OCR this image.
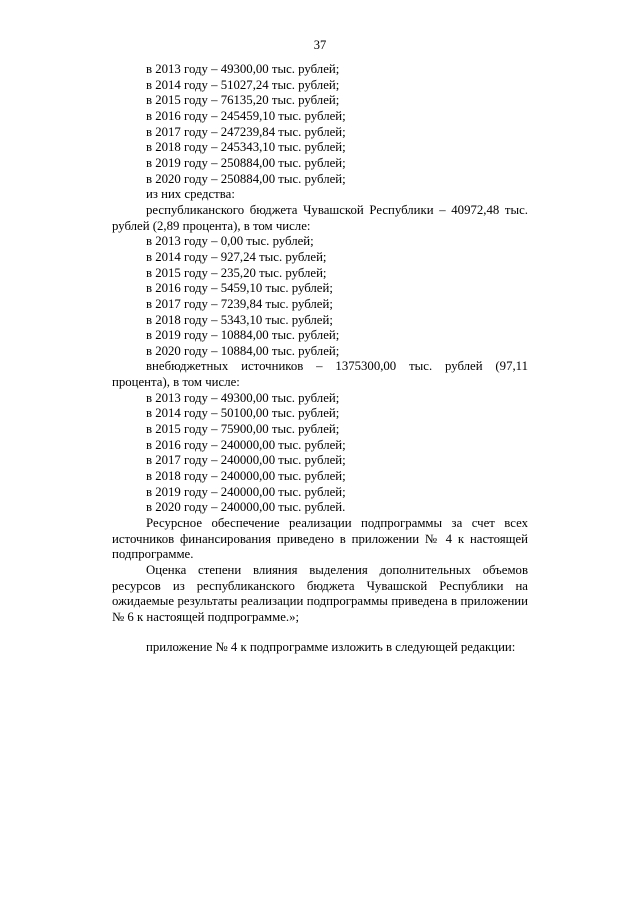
37

в 2013 году – 49300,00 тыс. рублей;

в 2014 году – 51027,24 тыс. рублей;

в 2015 году – 76135,20 тыс. рублей;

в 2016 году – 245459,10 тыс. рублей;

в 2017 году – 247239,84 тыс. рублей;

в 2018 году – 245343,10 тыс. рублей;

в 2019 году – 250884,00 тыс. рублей;

в 2020 году – 250884,00 тыс. рублей;

из них средства:

республиканского бюджета Чувашской Республики – 40972,48 тыс. рублей (2,89 процента), в том числе:

в 2013 году – 0,00 тыс. рублей;

в 2014 году – 927,24 тыс. рублей;

в 2015 году – 235,20 тыс. рублей;

в 2016 году – 5459,10 тыс. рублей;

в 2017 году – 7239,84 тыс. рублей;

в 2018 году – 5343,10 тыс. рублей;

в 2019 году – 10884,00 тыс. рублей;

в 2020 году – 10884,00 тыс. рублей;

внебюджетных источников – 1375300,00 тыс. рублей (97,11 процента), в том числе:

в 2013 году – 49300,00 тыс. рублей;

в 2014 году – 50100,00 тыс. рублей;

в 2015 году – 75900,00 тыс. рублей;

в 2016 году – 240000,00 тыс. рублей;

в 2017 году – 240000,00 тыс. рублей;

в 2018 году – 240000,00 тыс. рублей;

в 2019 году – 240000,00 тыс. рублей;

в 2020 году – 240000,00 тыс. рублей.

Ресурсное обеспечение реализации подпрограммы за счет всех источников финансирования приведено в приложении № 4 к настоящей подпрограмме.

Оценка степени влияния выделения дополнительных объемов ресурсов из республиканского бюджета Чувашской Республики на ожидаемые результаты реализации подпрограммы приведена в приложении № 6 к настоящей подпрограмме.»;

приложение № 4 к подпрограмме изложить в следующей редакции:
